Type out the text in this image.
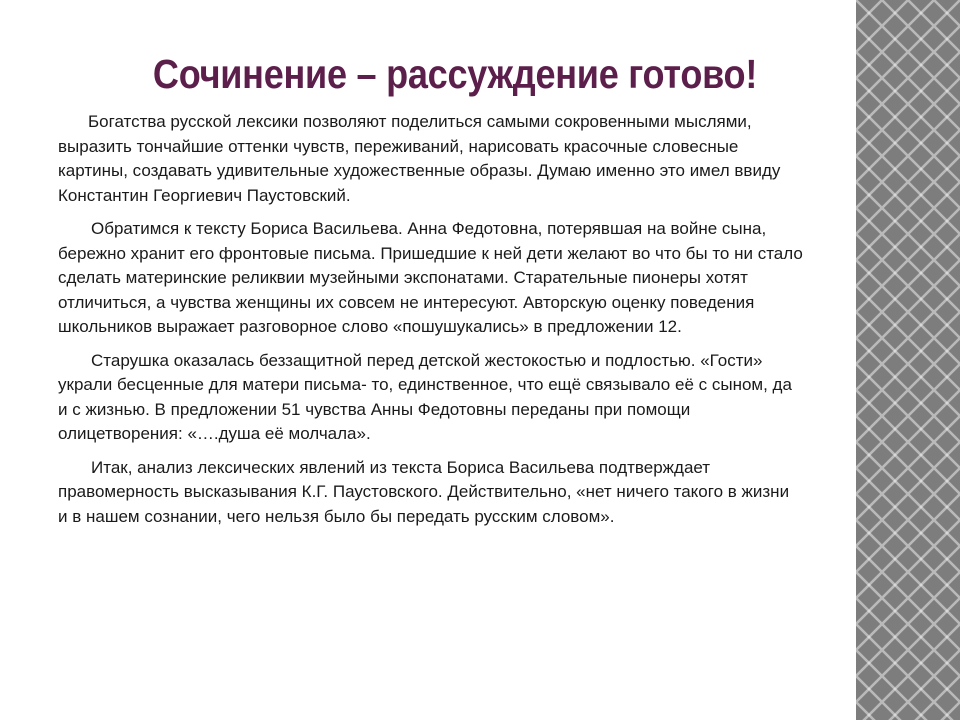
Сочинение – рассуждение готово!

Богатства русской лексики позволяют поделиться самыми сокровенными мыслями, выразить тончайшие оттенки чувств, переживаний, нарисовать красочные словесные картины, создавать удивительные художественные образы. Думаю именно это имел ввиду Константин Георгиевич Паустовский.

Обратимся к тексту Бориса Васильева. Анна Федотовна, потерявшая на войне сына, бережно хранит его фронтовые письма. Пришедшие к ней дети желают во что бы то ни стало сделать материнские реликвии музейными экспонатами. Старательные пионеры хотят отличиться, а чувства женщины их совсем не интересуют. Авторскую оценку поведения школьников выражает разговорное слово «пошушукались» в предложении 12.

Старушка оказалась беззащитной перед детской жестокостью и подлостью. «Гости» украли бесценные для матери письма- то, единственное, что ещё связывало её с сыном, да и с жизнью. В предложении 51 чувства Анны Федотовны переданы при помощи олицетворения: «….душа её молчала».

Итак, анализ лексических явлений из текста Бориса Васильева подтверждает правомерность высказывания К.Г. Паустовского. Действительно, «нет ничего такого в жизни и в нашем сознании, чего нельзя было бы передать русским словом».
